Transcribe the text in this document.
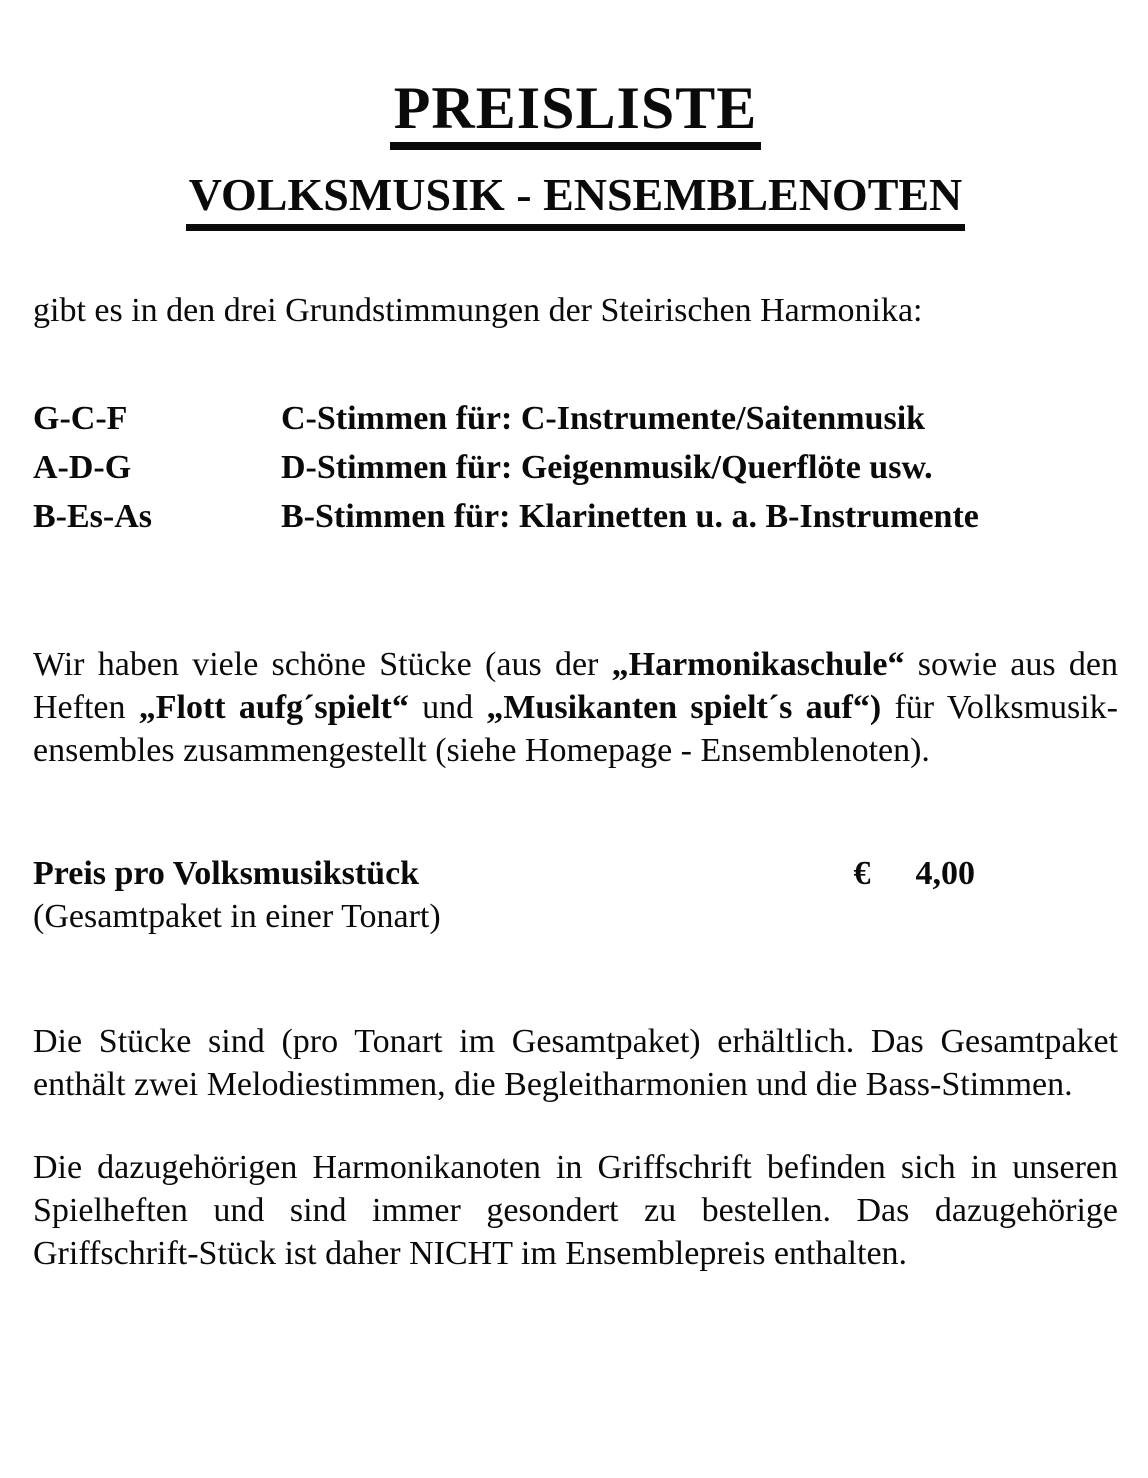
PREISLISTE
VOLKSMUSIK - ENSEMBLENOTEN
gibt es in den drei Grundstimmungen der Steirischen Harmonika:
G-C-F	C-Stimmen für: C-Instrumente/Saitenmusik
A-D-G	D-Stimmen für: Geigenmusik/Querflöte usw.
B-Es-As	B-Stimmen für: Klarinetten u. a. B-Instrumente

Wir haben viele schöne Stücke (aus der „Harmonikaschule“ sowie aus den Heften „Flott aufg´spielt“ und „Musikanten spielt´s auf“) für Volksmusik-ensembles zusammengestellt (siehe Homepage - Ensemblenoten).

Preis pro Volksmusikstück	€ 4,00
(Gesamtpaket in einer Tonart)

Die Stücke sind (pro Tonart im Gesamtpaket) erhältlich. Das Gesamtpaket enthält zwei Melodiestimmen, die Begleitharmonien und die Bass-Stimmen.

Die dazugehörigen Harmonikanoten in Griffschrift befinden sich in unseren Spielheften und sind immer gesondert zu bestellen. Das dazugehörige Griffschrift-Stück ist daher NICHT im Ensemblepreis enthalten.
